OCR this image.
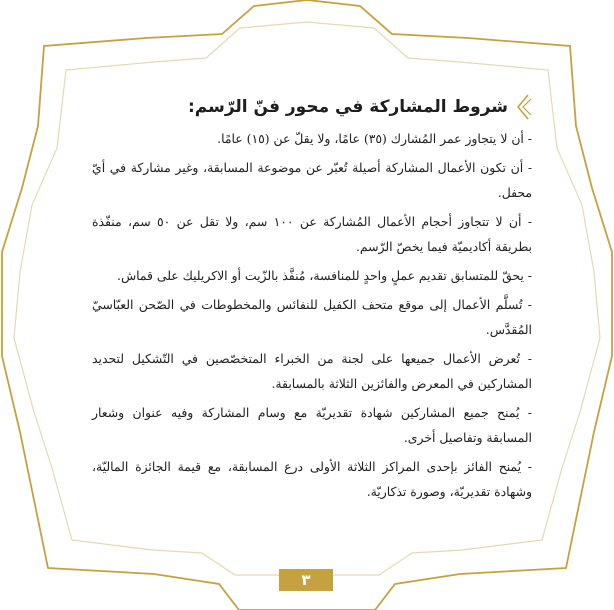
شروط المشاركة في محور فنّ الرّسم:

- أن لا يتجاوز عمر المُشارك (٣٥) عامًا، ولا يقلّ عن (١٥) عامًا.

- أن تكون الأعمال المشاركة أصيلة تُعبّر عن موضوعة المسابقة، وغير مشاركة في أيّ محفل.

- أن لا تتجاوز أحجام الأعمال المُشاركة عن ١٠٠ سم، ولا تقل عن ٥٠ سم، منفّذة بطريقة أكاديميّة فيما يخصّ الرّسم.

- يحقّ للمتسابق تقديم عملٍ واحدٍ للمنافسة، مُنفَّذ بالزّيت أو الاكريليك على قماش.

- تُسلَّم الأعمال إلى موقع متحف الكفيل للنفائس والمخطوطات في الصّحن العبّاسيّ المُقدَّس.

- تُعرض الأعمال جميعها على لجنة من الخبراء المتخصّصين في التّشكيل لتحديد المشاركين في المعرض والفائزين الثلاثة بالمسابقة.

- يُمنح جميع المشاركين شهادة تقديريّة مع وسام المشاركة وفيه عنوان وشعار المسابقة وتفاصيل أخرى.

- يُمنح الفائز بإحدى المراكز الثلاثة الأولى درع المسابقة، مع قيمة الجائزة الماليّة، وشهادة تقديريّة، وصورة تذكاريّة.

٣
